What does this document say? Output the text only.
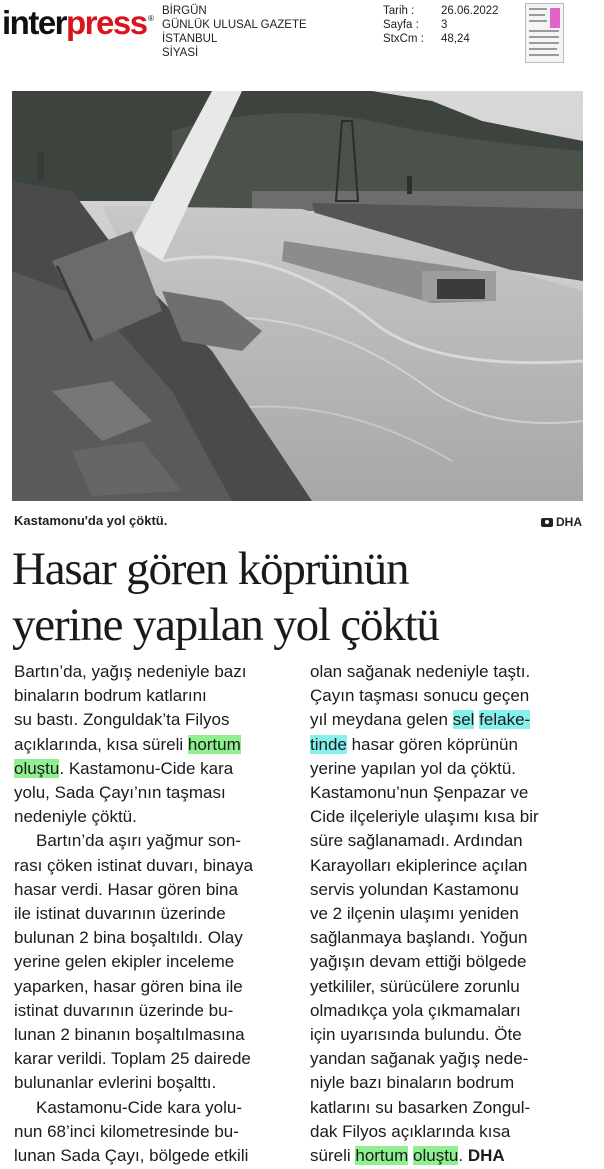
interpress ®
BİRGÜN
GÜNLÜK ULUSAL GAZETE
İSTANBUL
SİYASİ
Tarih :	26.06.2022
Sayfa :	3
StxCm :	48,24
Kastamonu'da yol çöktü.	DHA
Hasar gören köprünün
yerine yapılan yol çöktü

Bartın’da, yağış nedeniyle bazı
binaların bodrum katlarını
su bastı. Zonguldak’ta Filyos
açıklarında, kısa süreli hortum
oluştu. Kastamonu-Cide kara
yolu, Sada Çayı’nın taşması
nedeniyle çöktü.

Bartın’da aşırı yağmur son-
rası çöken istinat duvarı, binaya
hasar verdi. Hasar gören bina
ile istinat duvarının üzerinde
bulunan 2 bina boşaltıldı. Olay
yerine gelen ekipler inceleme
yaparken, hasar gören bina ile
istinat duvarının üzerinde bu-
lunan 2 binanın boşaltılmasına
karar verildi. Toplam 25 dairede
bulunanlar evlerini boşalttı.

Kastamonu-Cide kara yolu-
nun 68’inci kilometresinde bu-
lunan Sada Çayı, bölgede etkili

olan sağanak nedeniyle taştı.
Çayın taşması sonucu geçen
yıl meydana gelen sel felake-
tinde hasar gören köprünün
yerine yapılan yol da çöktü.
Kastamonu’nun Şenpazar ve
Cide ilçeleriyle ulaşımı kısa bir
süre sağlanamadı. Ardından
Karayolları ekiplerince açılan
servis yolundan Kastamonu
ve 2 ilçenin ulaşımı yeniden
sağlanmaya başlandı. Yoğun
yağışın devam ettiği bölgede
yetkililer, sürücülere zorunlu
olmadıkça yola çıkmamaları
için uyarısında bulundu. Öte
yandan sağanak yağış nede-
niyle bazı binaların bodrum
katlarını su basarken Zongul-
dak Filyos açıklarında kısa
süreli hortum oluştu. DHA
